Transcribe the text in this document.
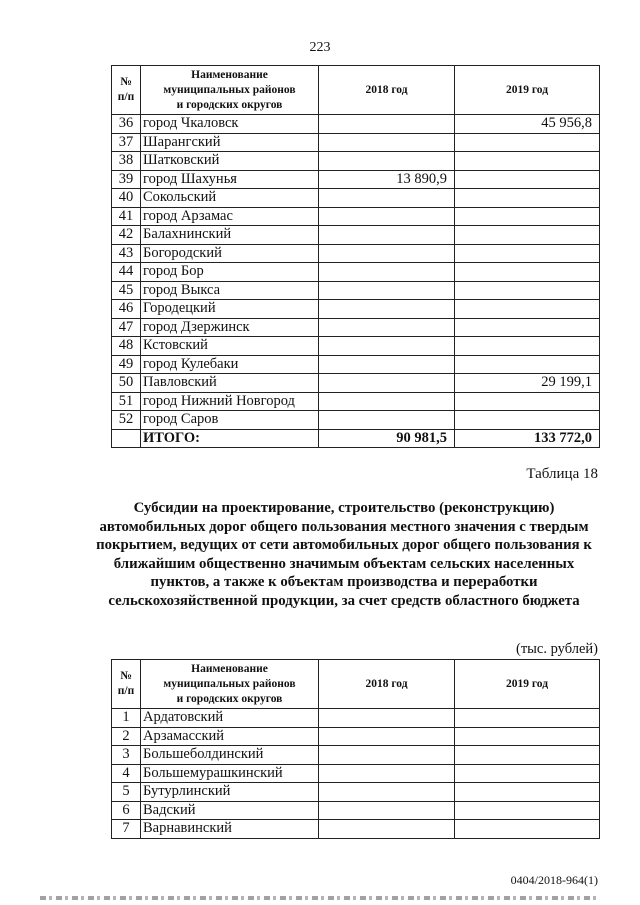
223
№
п/п	Наименование
муниципальных районов
и городских округов	2018 год	2019 год
36	город Чкаловск		45 956,8
37	Шарангский		
38	Шатковский		
39	город Шахунья	13 890,9	
40	Сокольский		
41	город Арзамас		
42	Балахнинский		
43	Богородский		
44	город Бор		
45	город Выкса		
46	Городецкий		
47	город Дзержинск		
48	Кстовский		
49	город Кулебаки		
50	Павловский		29 199,1
51	город Нижний Новгород		
52	город Саров		
	ИТОГО:	90 981,5	133 772,0
Таблица 18
Субсидии на проектирование, строительство (реконструкцию) автомобильных дорог общего пользования местного значения с твердым покрытием, ведущих от сети автомобильных дорог общего пользования к ближайшим общественно значимым объектам сельских населенных пунктов, а также к объектам производства и переработки сельскохозяйственной продукции, за счет средств областного бюджета
(тыс. рублей)
№
п/п	Наименование
муниципальных районов
и городских округов	2018 год	2019 год
1	Ардатовский		
2	Арзамасский		
3	Большеболдинский		
4	Большемурашкинский		
5	Бутурлинский		
6	Вадский		
7	Варнавинский		
0404/2018-964(1)
